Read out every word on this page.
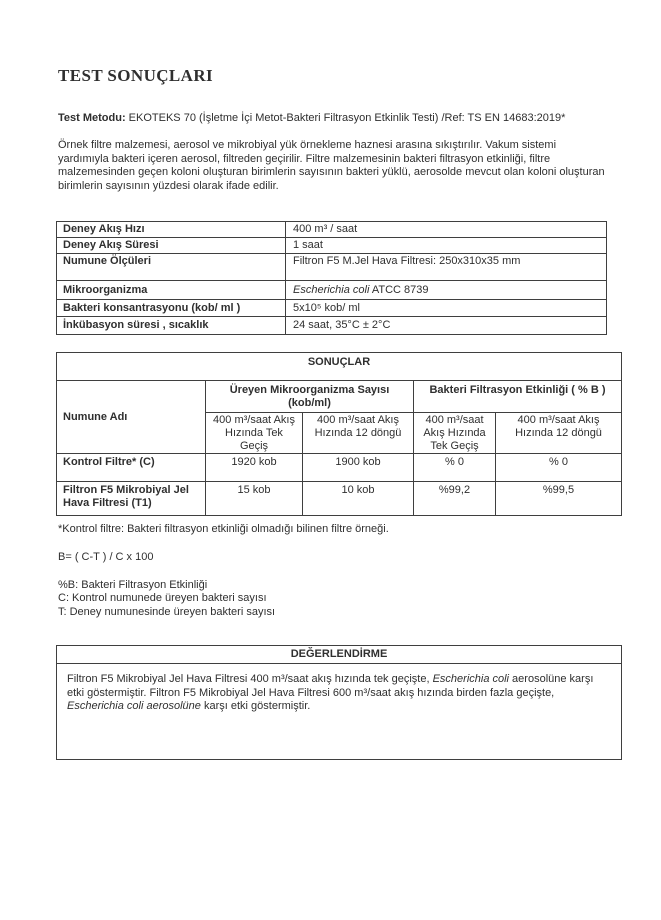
TEST SONUÇLARI
Test Metodu: EKOTEKS 70 (İşletme İçi Metot-Bakteri Filtrasyon Etkinlik Testi) /Ref: TS EN 14683:2019*
Örnek filtre malzemesi, aerosol ve mikrobiyal yük örnekleme haznesi arasına sıkıştırılır. Vakum sistemi yardımıyla bakteri içeren aerosol, filtreden geçirilir. Filtre malzemesinin bakteri filtrasyon etkinliği, filtre malzemesinden geçen koloni oluşturan birimlerin sayısının bakteri yüklü, aerosolde mevcut olan koloni oluşturan birimlerin sayısının yüzdesi olarak ifade edilir.
Deney Akış Hızı	400 m³ / saat
Deney Akış Süresi	1 saat
Numune Ölçüleri	Filtron F5 M.Jel Hava Filtresi: 250x310x35 mm
Mikroorganizma	Escherichia coli ATCC 8739
Bakteri konsantrasyonu (kob/ ml )	5x10⁵ kob/ ml
İnkübasyon süresi , sıcaklık	24 saat, 35°C ± 2°C
SONUÇLAR				
Numune Adı	Üreyen Mikroorganizma Sayısı (kob/ml)		Bakteri Filtrasyon Etkinliği ( % B )	
	400 m³/saat Akış Hızında Tek Geçiş	400 m³/saat Akış Hızında 12 döngü	400 m³/saat Akış Hızında Tek Geçiş	400 m³/saat Akış Hızında 12 döngü
Kontrol Filtre* (C)	1920 kob	1900 kob	% 0	% 0
Filtron F5 Mikrobiyal Jel Hava Filtresi (T1)	15 kob	10 kob	%99,2	%99,5
*Kontrol filtre: Bakteri filtrasyon etkinliği olmadığı bilinen filtre örneği.
B= ( C-T ) / C x 100
%B: Bakteri Filtrasyon Etkinliği
C: Kontrol numunede üreyen bakteri sayısı
T: Deney numunesinde üreyen bakteri sayısı
DEĞERLENDİRME
Filtron F5 Mikrobiyal Jel Hava Filtresi 400 m³/saat akış hızında tek geçişte, Escherichia coli aerosolüne karşı etki göstermiştir. Filtron F5 Mikrobiyal Jel Hava Filtresi 600 m³/saat akış hızında birden fazla geçişte, Escherichia coli aerosolüne karşı etki göstermiştir.
